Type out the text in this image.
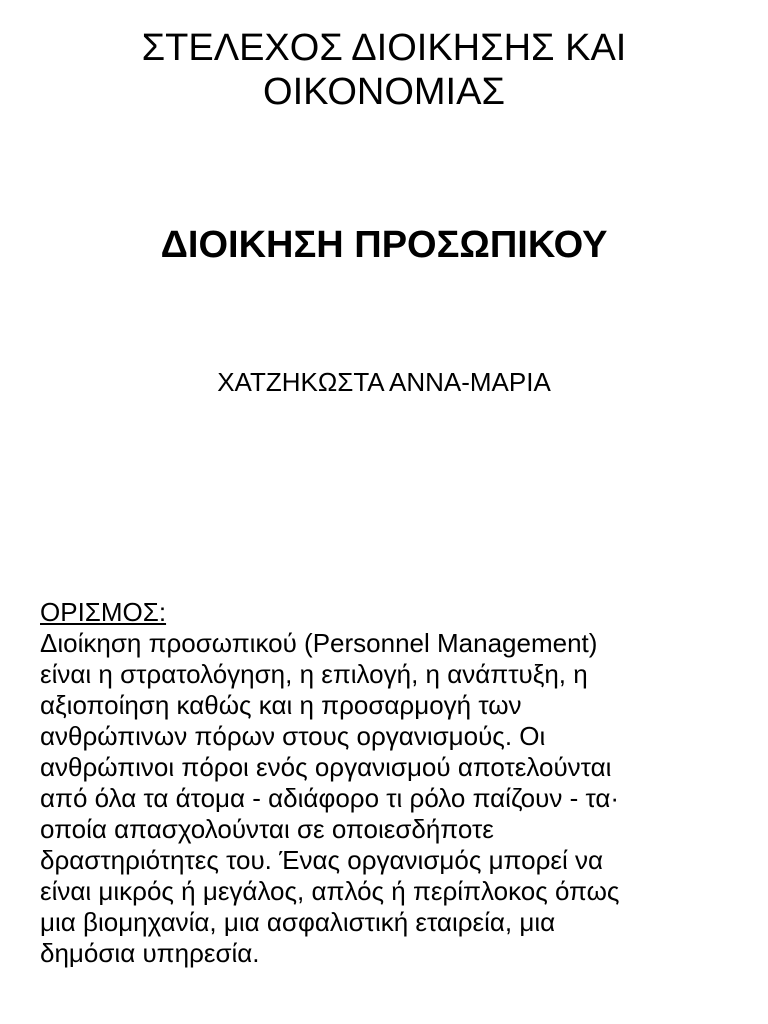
ΣΤΕΛΕΧΟΣ ΔΙΟΙΚΗΣΗΣ ΚΑΙ
ΟΙΚΟΝΟΜΙΑΣ
ΔΙΟΙΚΗΣΗ ΠΡΟΣΩΠΙΚΟΥ

ΧΑΤΖΗΚΩΣΤΑ ΑΝΝΑ-ΜΑΡΙΑ

ΟΡΙΣΜΟΣ:
Διοίκηση προσωπικού (Personnel Management)
είναι η στρατολόγηση, η επιλογή, η ανάπτυξη, η
αξιοποίηση καθώς και η προσαρμογή των
ανθρώπινων πόρων στους οργανισμούς. Οι
ανθρώπινοι πόροι ενός οργανισμού αποτελούνται
από όλα τα άτομα - αδιάφορο τι ρόλο παίζουν - τα·
οποία απασχολούνται σε οποιεσδήποτε
δραστηριότητες του. Ένας οργανισμός μπορεί να
είναι μικρός ή μεγάλος, απλός ή περίπλοκος όπως
μια βιομηχανία, μια ασφαλιστική εταιρεία, μια
δημόσια υπηρεσία.
